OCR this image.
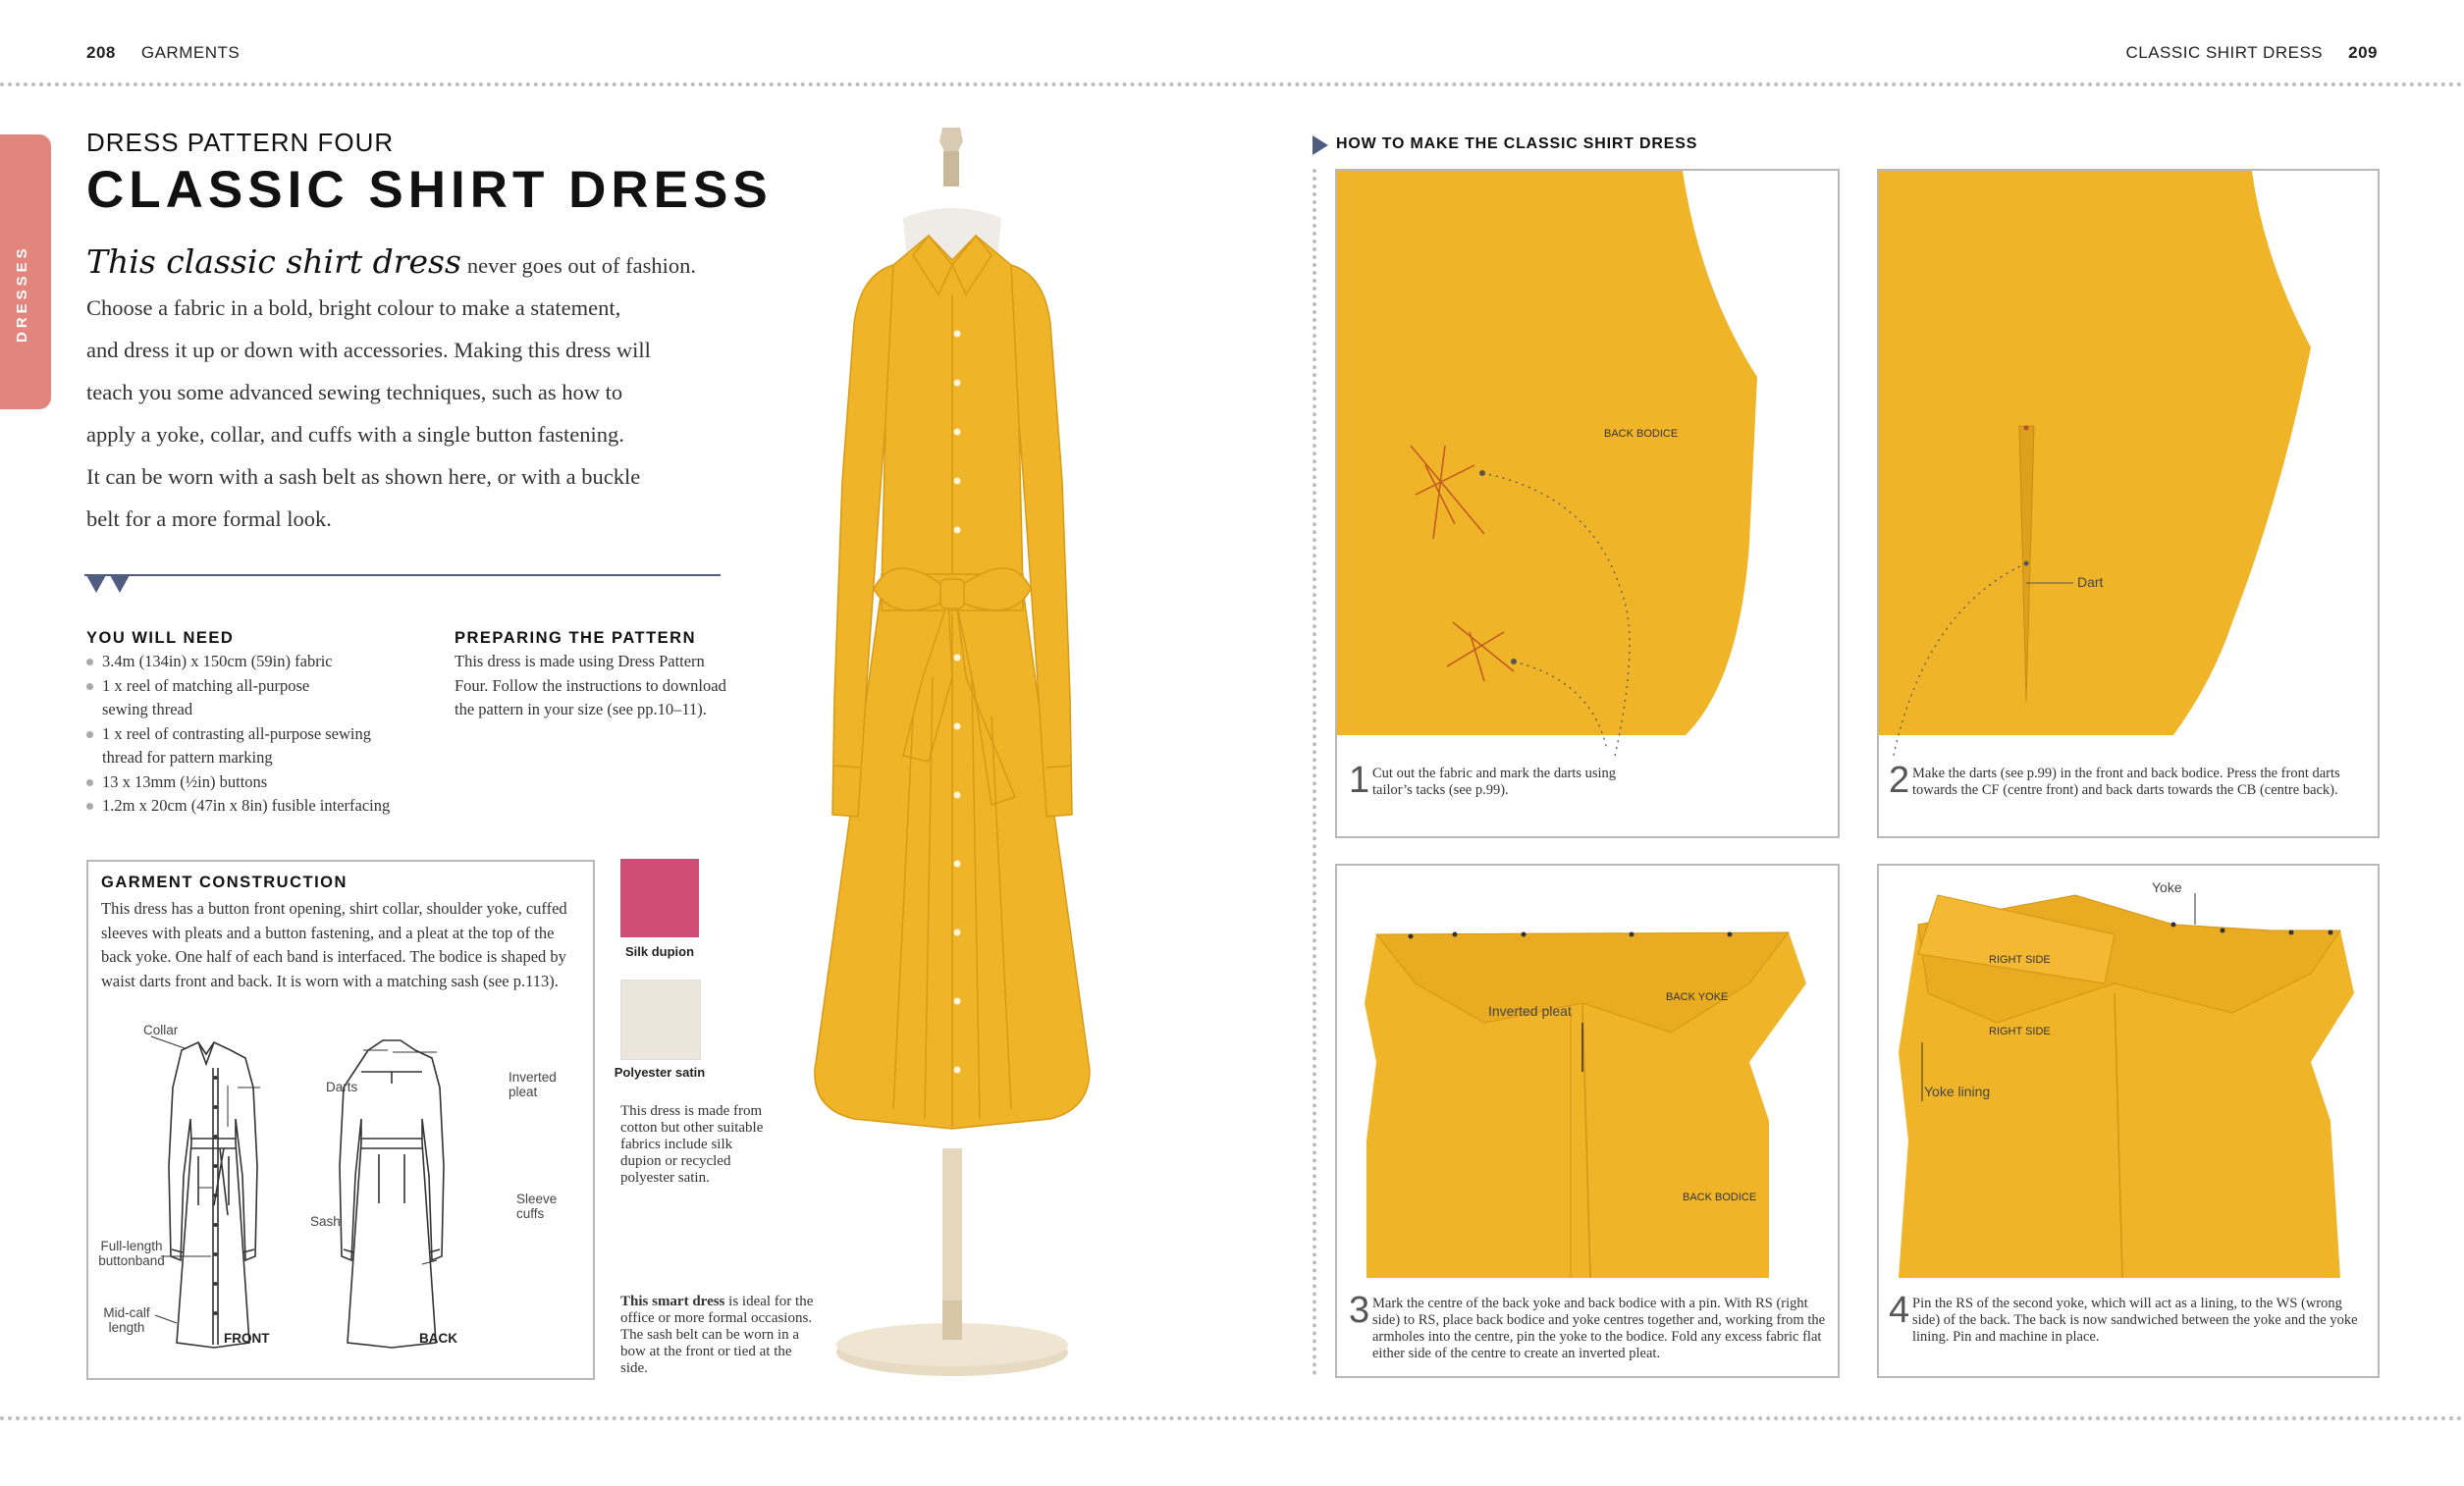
208 GARMENTS	CLASSIC SHIRT DRESS 209
DRESSES
DRESS PATTERN FOUR
CLASSIC SHIRT DRESS
This classic shirt dress never goes out of fashion.
Choose a fabric in a bold, bright colour to make a statement,
and dress it up or down with accessories. Making this dress will
teach you some advanced sewing techniques, such as how to
apply a yoke, collar, and cuffs with a single button fastening.
It can be worn with a sash belt as shown here, or with a buckle
belt for a more formal look.
YOU WILL NEED
3.4m (134in) x 150cm (59in) fabric
1 x reel of matching all-purpose sewing thread
1 x reel of contrasting all-purpose sewing thread for pattern marking
13 x 13mm (½in) buttons
1.2m x 20cm (47in x 8in) fusible interfacing
PREPARING THE PATTERN
This dress is made using Dress Pattern Four. Follow the instructions to download the pattern in your size (see pp.10–11).
GARMENT CONSTRUCTION
This dress has a button front opening, shirt collar, shoulder yoke, cuffed sleeves with pleats and a button fastening, and a pleat at the top of the back yoke. One half of each band is interfaced. The bodice is shaped by waist darts front and back. It is worn with a matching sash (see p.113).
Collar
Darts
Sash
Full-length buttonband
Mid-calf length
FRONT	BACK
Inverted pleat
Sleeve cuffs
Silk dupion
Polyester satin
This dress is made from cotton but other suitable fabrics include silk dupion or recycled polyester satin.
This smart dress is ideal for the office or more formal occasions. The sash belt can be worn in a bow at the front or tied at the side.
HOW TO MAKE THE CLASSIC SHIRT DRESS
BACK BODICE
1 Cut out the fabric and mark the darts using tailor’s tacks (see p.99).
Dart
2 Make the darts (see p.99) in the front and back bodice. Press the front darts towards the CF (centre front) and back darts towards the CB (centre back).
Inverted pleat
BACK YOKE
BACK BODICE
3 Mark the centre of the back yoke and back bodice with a pin. With RS (right side) to RS, place back bodice and yoke centres together and, working from the armholes into the centre, pin the yoke to the bodice. Fold any excess fabric flat either side of the centre to create an inverted pleat.
Yoke
RIGHT SIDE
RIGHT SIDE
Yoke lining
4 Pin the RS of the second yoke, which will act as a lining, to the WS (wrong side) of the back. The back is now sandwiched between the yoke and the yoke lining. Pin and machine in place.
